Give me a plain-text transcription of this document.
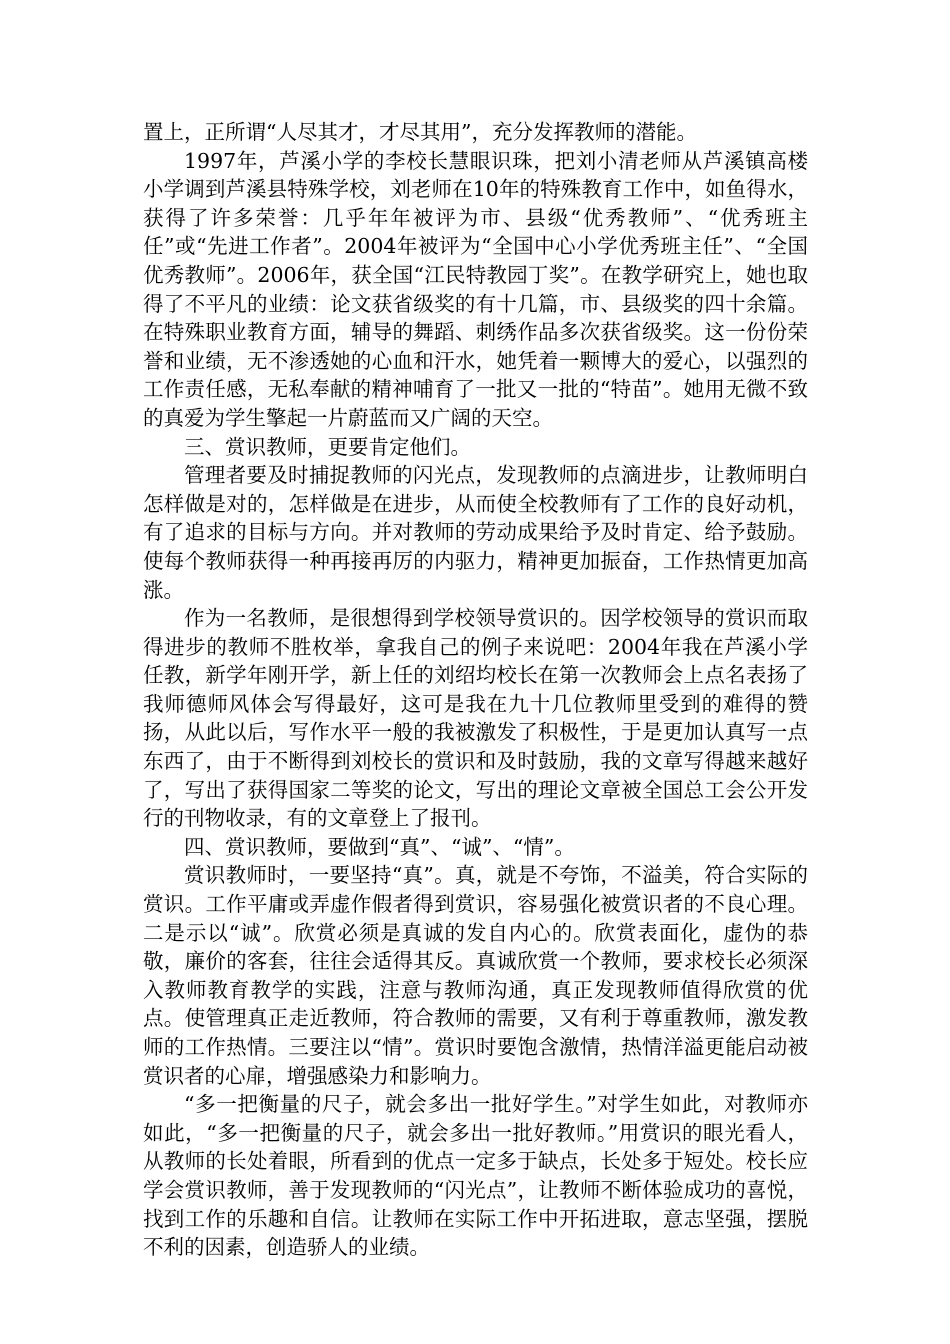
置上，正所谓“人尽其才，才尽其用”，充分发挥教师的潜能。

1997年，芦溪小学的李校长慧眼识珠，把刘小清老师从芦溪镇高楼小学调到芦溪县特殊学校，刘老师在10年的特殊教育工作中，如鱼得水，获得了许多荣誉：几乎年年被评为市、县级“优秀教师”、“优秀班主任”或“先进工作者”。2004年被评为“全国中心小学优秀班主任”、“全国优秀教师”。2006年，获全国“江民特教园丁奖”。在教学研究上，她也取得了不平凡的业绩：论文获省级奖的有十几篇，市、县级奖的四十余篇。在特殊职业教育方面，辅导的舞蹈、刺绣作品多次获省级奖。这一份份荣誉和业绩，无不渗透她的心血和汗水，她凭着一颗博大的爱心，以强烈的工作责任感，无私奉献的精神哺育了一批又一批的“特苗”。她用无微不致的真爱为学生擎起一片蔚蓝而又广阔的天空。

三、赏识教师，更要肯定他们。

管理者要及时捕捉教师的闪光点，发现教师的点滴进步，让教师明白怎样做是对的，怎样做是在进步，从而使全校教师有了工作的良好动机，有了追求的目标与方向。并对教师的劳动成果给予及时肯定、给予鼓励。使每个教师获得一种再接再厉的内驱力，精神更加振奋，工作热情更加高涨。

作为一名教师，是很想得到学校领导赏识的。因学校领导的赏识而取得进步的教师不胜枚举，拿我自己的例子来说吧：2004年我在芦溪小学任教，新学年刚开学，新上任的刘绍均校长在第一次教师会上点名表扬了我师德师风体会写得最好，这可是我在九十几位教师里受到的难得的赞扬，从此以后，写作水平一般的我被激发了积极性，于是更加认真写一点东西了，由于不断得到刘校长的赏识和及时鼓励，我的文章写得越来越好了，写出了获得国家二等奖的论文，写出的理论文章被全国总工会公开发行的刊物收录，有的文章登上了报刊。

四、赏识教师，要做到“真”、“诚”、“情”。

赏识教师时，一要坚持“真”。真，就是不夸饰，不溢美，符合实际的赏识。工作平庸或弄虚作假者得到赏识，容易强化被赏识者的不良心理。二是示以“诚”。欣赏必须是真诚的发自内心的。欣赏表面化，虚伪的恭敬，廉价的客套，往往会适得其反。真诚欣赏一个教师，要求校长必须深入教师教育教学的实践，注意与教师沟通，真正发现教师值得欣赏的优点。使管理真正走近教师，符合教师的需要，又有利于尊重教师，激发教师的工作热情。三要注以“情”。赏识时要饱含激情，热情洋溢更能启动被赏识者的心扉，增强感染力和影响力。

“多一把衡量的尺子，就会多出一批好学生。”对学生如此，对教师亦如此，“多一把衡量的尺子，就会多出一批好教师。”用赏识的眼光看人，从教师的长处着眼，所看到的优点一定多于缺点，长处多于短处。校长应学会赏识教师，善于发现教师的“闪光点”，让教师不断体验成功的喜悦，找到工作的乐趣和自信。让教师在实际工作中开拓进取，意志坚强，摆脱不利的因素，创造骄人的业绩。
